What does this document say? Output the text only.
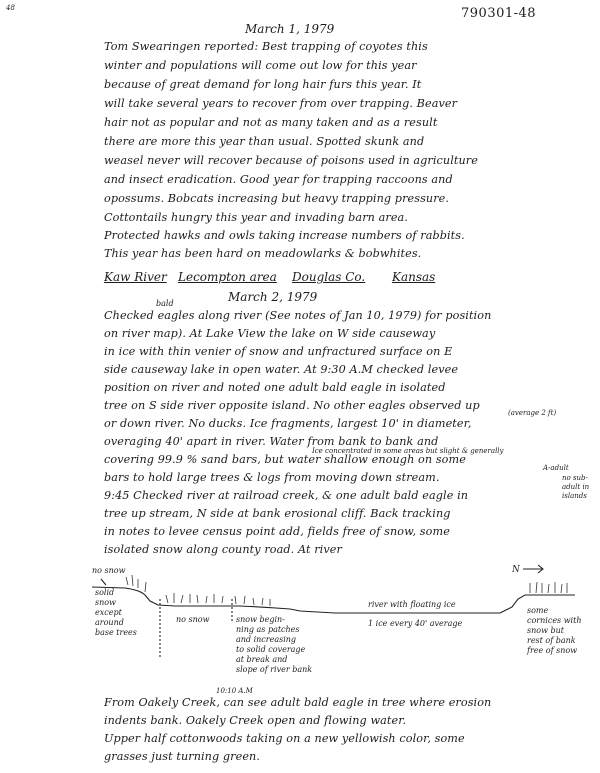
48	790301-48
March 1, 1979
Tom Swearingen reported: Best trapping of coyotes this
winter and populations will come out low for this year
because of great demand for long hair furs this year. It
will take several years to recover from over trapping. Beaver
hair not as popular and not as many taken and as a result
there are more this year than usual. Spotted skunk and
weasel never will recover because of poisons used in agriculture
and insect eradication. Good year for trapping raccoons and
opossums. Bobcats increasing but heavy trapping pressure.
Cottontails hungry this year and invading barn area.
Protected hawks and owls taking increase numbers of rabbits.
This year has been hard on meadowlarks & bobwhites.
Kaw River Lecompton area Douglas Co. Kansas
March 2, 1979
bald
Checked eagles along river (See notes of Jan 10, 1979) for position
on river map). At Lake View the lake on W side causeway
in ice with thin venier of snow and unfractured surface on E
side causeway lake in open water. At 9:30 A.M checked levee
position on river and noted one adult bald eagle in isolated
tree on S side river opposite island. No other eagles observed up
or down river. No ducks. Ice fragments, largest 10' in diameter,
overaging 40' apart in river. Water from bank to bank and
covering 99.9 % sand bars, but water shallow enough on some
bars to hold large trees & logs from moving down stream.
9:45 Checked river at railroad creek, & one adult bald eagle in
tree up stream, N side at bank erosional cliff. Back tracking
in notes to levee census point add, fields free of snow, some
isolated snow along county road. At river
(average 2 ft)
Ice concentrated in some areas but slight & generally
A-adult
no sub-adult in islands
no snow	N
solid
snow
except
around
base trees
no snow	snow begin-
ning as patches
and increasing
to solid coverage
at break and
slope of river bank
river with floating ice
1 ice every 40' average
some
cornices with
snow but
rest of bank
free of snow
10:10 A.M
From Oakely Creek, can see adult bald eagle in tree where erosion
indents bank. Oakely Creek open and flowing water.
Upper half cottonwoods taking on a new yellowish color, some
grasses just turning green.
